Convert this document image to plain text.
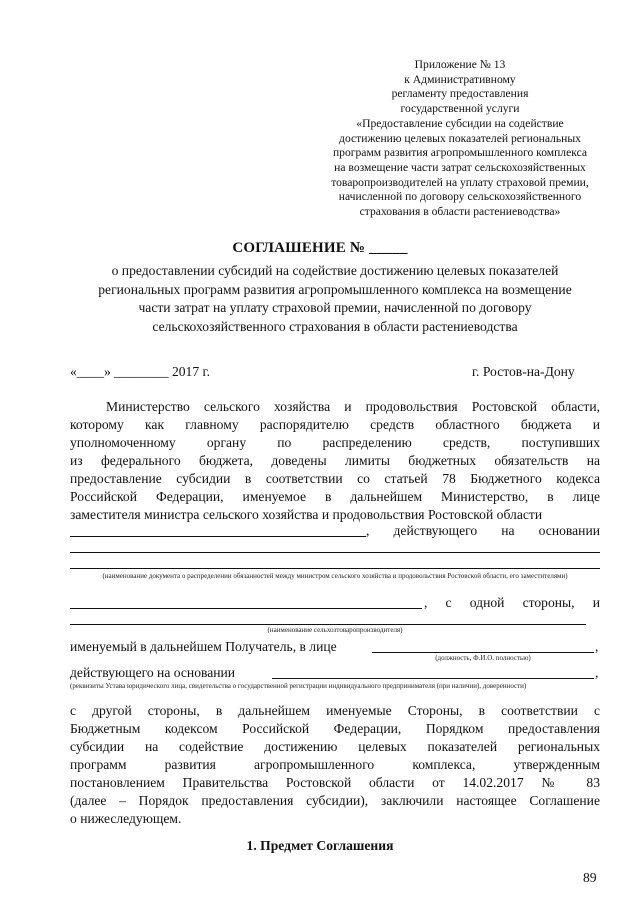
Приложение № 13
к Административному
регламенту предоставления
государственной услуги
«Предоставление субсидии на содействие
достижению целевых показателей региональных
программ развития агропромышленного комплекса
на возмещение части затрат сельскохозяйственных
товаропроизводителей на уплату страховой премии,
начисленной по договору сельскохозяйственного
страхования в области растениеводства»
СОГЛАШЕНИЕ № _____
о предоставлении субсидий на содействие достижению целевых показателей
региональных программ развития агропромышленного комплекса на возмещение
части затрат на уплату страховой премии, начисленной по договору
сельскохозяйственного страхования в области растениеводства
«____» ________ 2017 г.	г. Ростов-на-Дону
Министерство сельского хозяйства и продовольствия Ростовской области,
которому как главному распорядителю средств областного бюджета и
уполномоченному органу по распределению средств, поступивших
из федерального бюджета, доведены лимиты бюджетных обязательств на
предоставление субсидии в соответствии со статьей 78 Бюджетного кодекса
Российской Федерации, именуемое в дальнейшем Министерство, в лице
заместителя министра сельского хозяйства и продовольствия Ростовской области
, действующего на основании
(наименование документа о распределении обязанностей между министром сельского хозяйства и продовольствия Ростовской области, его заместителями)
, с одной стороны, и
(наименование сельхозтоваропроизводителя)
именуемый в дальнейшем Получатель, в лице	,
(должность, Ф.И.О. полностью)
действующего на основании	,
(реквизиты Устава юридического лица, свидетельства о государственной регистрации индивидуального предпринимателя (при наличии), доверенности)
с другой стороны, в дальнейшем именуемые Стороны, в соответствии с
Бюджетным кодексом Российской Федерации, Порядком предоставления
субсидии на содействие достижению целевых показателей региональных
программ развития агропромышленного комплекса, утвержденным
постановлением Правительства Ростовской области от 14.02.2017 № 83
(далее – Порядок предоставления субсидии), заключили настоящее Соглашение
о нижеследующем.
1. Предмет Соглашения
89
